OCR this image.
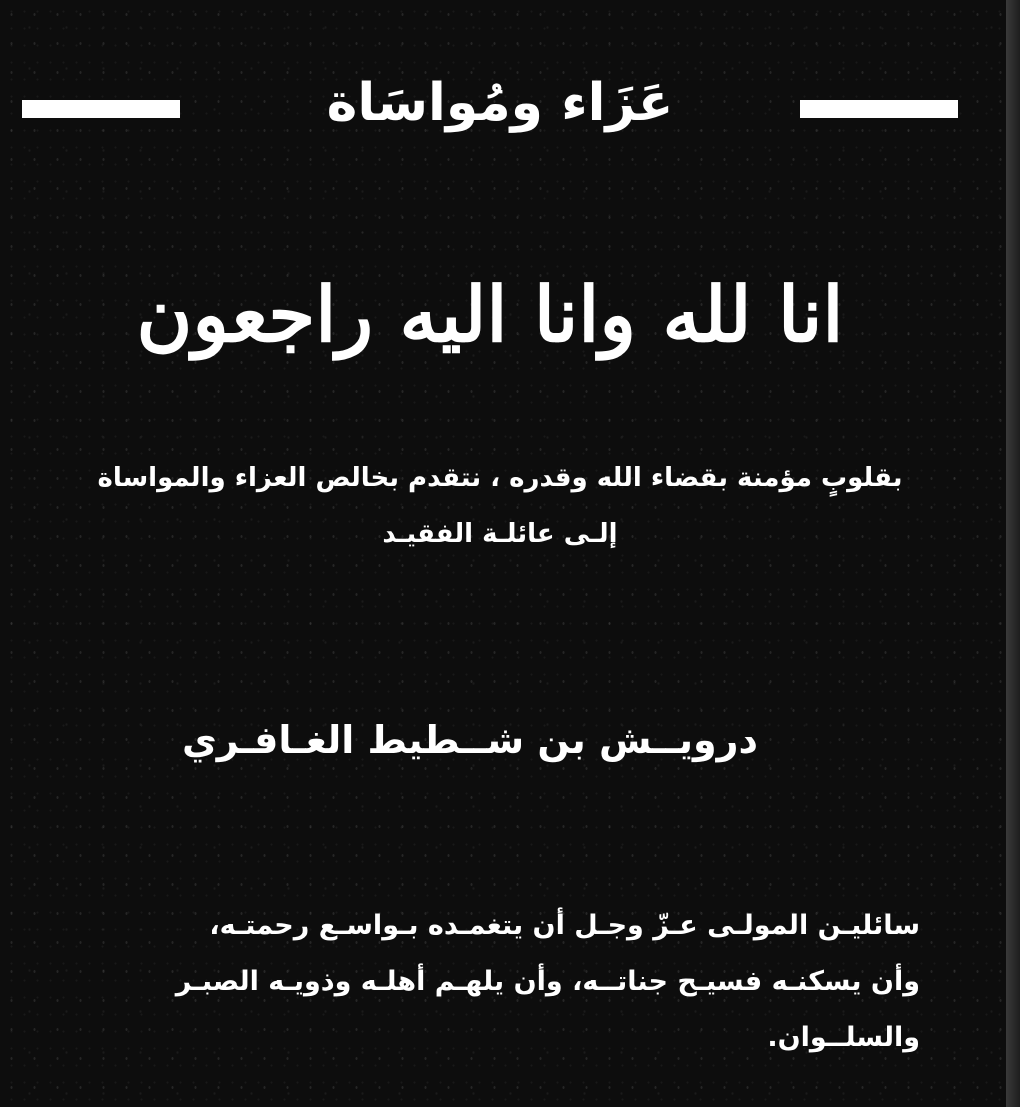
عَزَاء ومُواسَاة
انا لله وانا اليه راجعون
بقلوبٍ مؤمنة بقضاء الله وقدره ، نتقدم بخالص العزاء والمواساة
إلـى عائلـة الفقيـد
درويــش بن شــطيط الغـافـري
سائليـن المولـى عـزّ وجـل أن يتغمـده بـواسـع رحمتـه،
وأن يسكنـه فسيـح جناتــه، وأن يلهـم أهلـه وذويـه الصبـر
والسلــوان.
